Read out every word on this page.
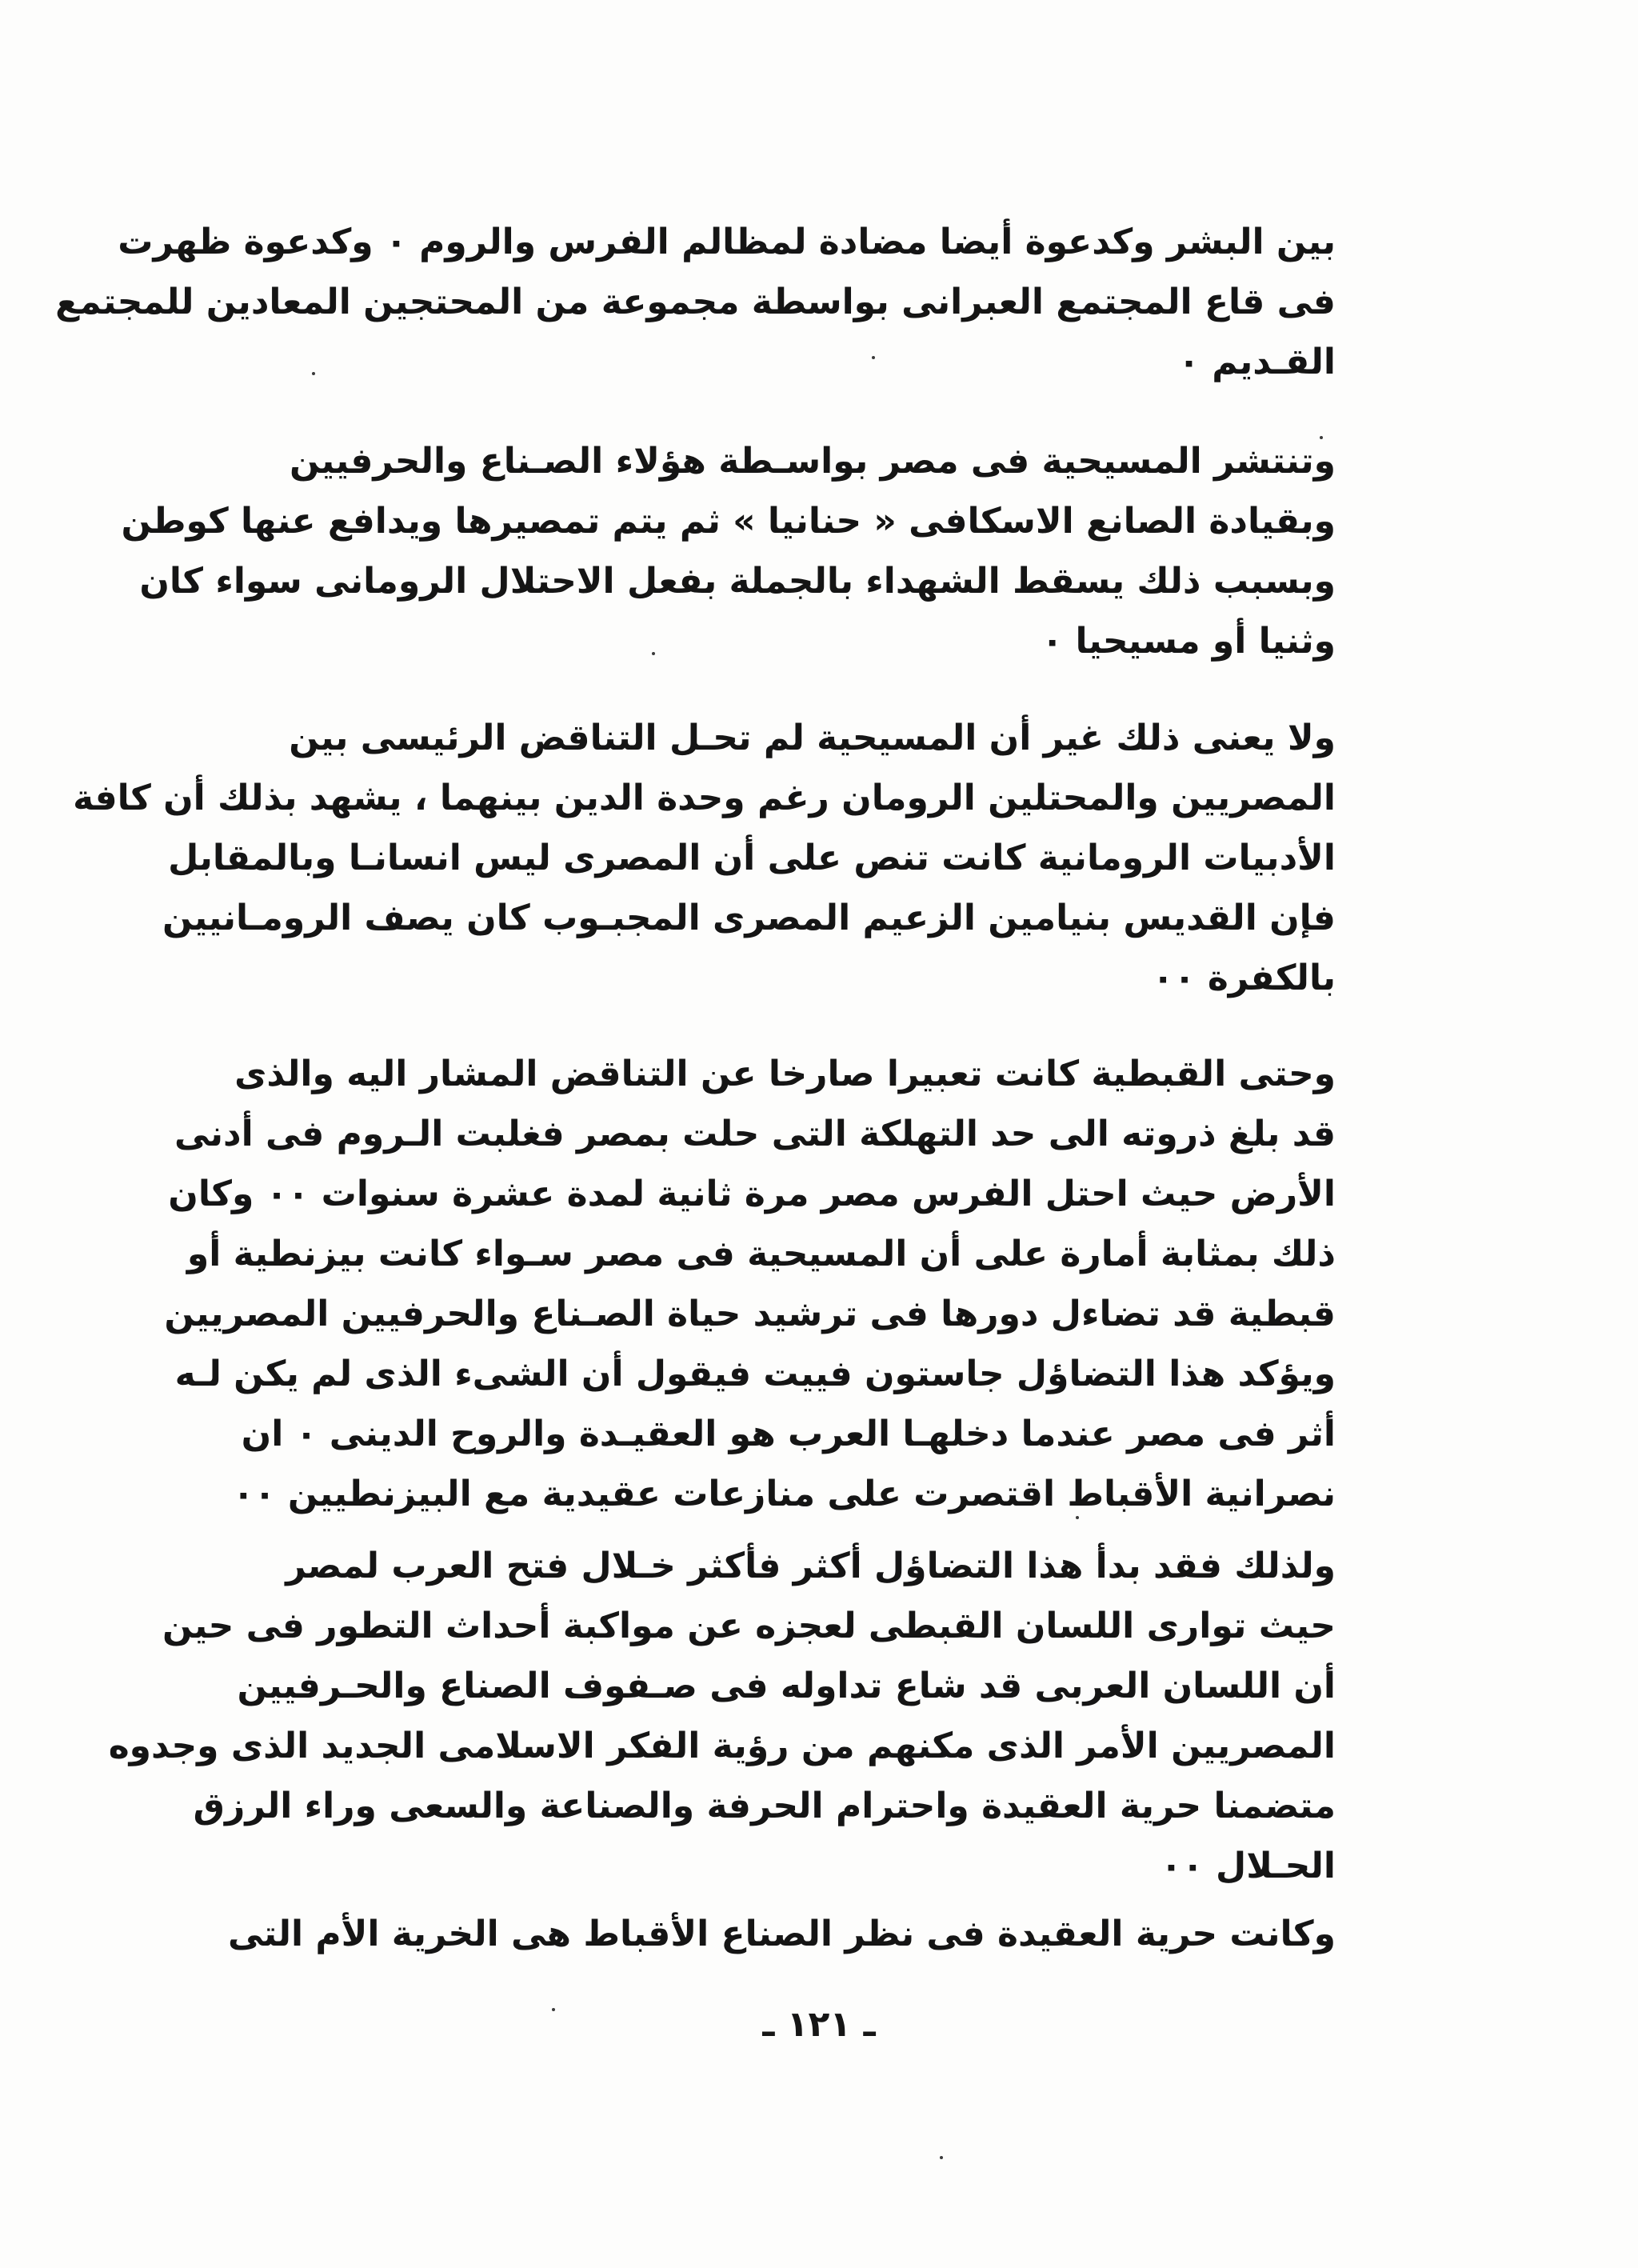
بين البشر وكدعوة أيضا مضادة لمظالم الفرس والروم ٠ وكدعوة ظهرت
فى قاع المجتمع العبرانى بواسطة مجموعة من المحتجين المعادين للمجتمع
القـديم ٠

وتنتشر المسيحية فى مصر بواسـطة هؤلاء الصـناع والحرفيين
وبقيادة الصانع الاسكافى « حنانيا » ثم يتم تمصيرها ويدافع عنها كوطن
وبسبب ذلك يسقط الشهداء بالجملة بفعل الاحتلال الرومانى سواء كان
وثنيا أو مسيحيا ٠

ولا يعنى ذلك غير أن المسيحية لم تحـل التناقض الرئيسى بين
المصريين والمحتلين الرومان رغم وحدة الدين بينهما ، يشهد بذلك أن كافة
الأدبيات الرومانية كانت تنص على أن المصرى ليس انسانـا وبالمقابل
فإن القديس بنيامين الزعيم المصرى المجبـوب كان يصف الرومـانيين
بالكفرة ٠٠

وحتى القبطية كانت تعبيرا صارخا عن التناقض المشار اليه والذى
قد بلغ ذروته الى حد التهلكة التى حلت بمصر فغلبت الـروم فى أدنى
الأرض حيث احتل الفرس مصر مرة ثانية لمدة عشرة سنوات ٠٠ وكان
ذلك بمثابة أمارة على أن المسيحية فى مصر سـواء كانت بيزنطية أو
قبطية قد تضاءل دورها فى ترشيد حياة الصـناع والحرفيين المصريين
ويؤكد هذا التضاؤل جاستون فييت فيقول أن الشىء الذى لم يكن لـه
أثر فى مصر عندما دخلهـا العرب هو العقيـدة والروح الدينى ٠ ان
نصرانية الأقباط اقتصرت على منازعات عقيدية مع البيزنطيين ٠٠

ولذلك فقد بدأ هذا التضاؤل أكثر فأكثر خـلال فتح العرب لمصر
حيث توارى اللسان القبطى لعجزه عن مواكبة أحداث التطور فى حين
أن اللسان العربى قد شاع تداوله فى صـفوف الصناع والحـرفيين
المصريين الأمر الذى مكنهم من رؤية الفكر الاسلامى الجديد الذى وجدوه
متضمنا حرية العقيدة واحترام الحرفة والصناعة والسعى وراء الرزق
الحـلال ٠٠

وكانت حرية العقيدة فى نظر الصناع الأقباط هى الخرية الأم التى

ـ ١٢١ ـ
